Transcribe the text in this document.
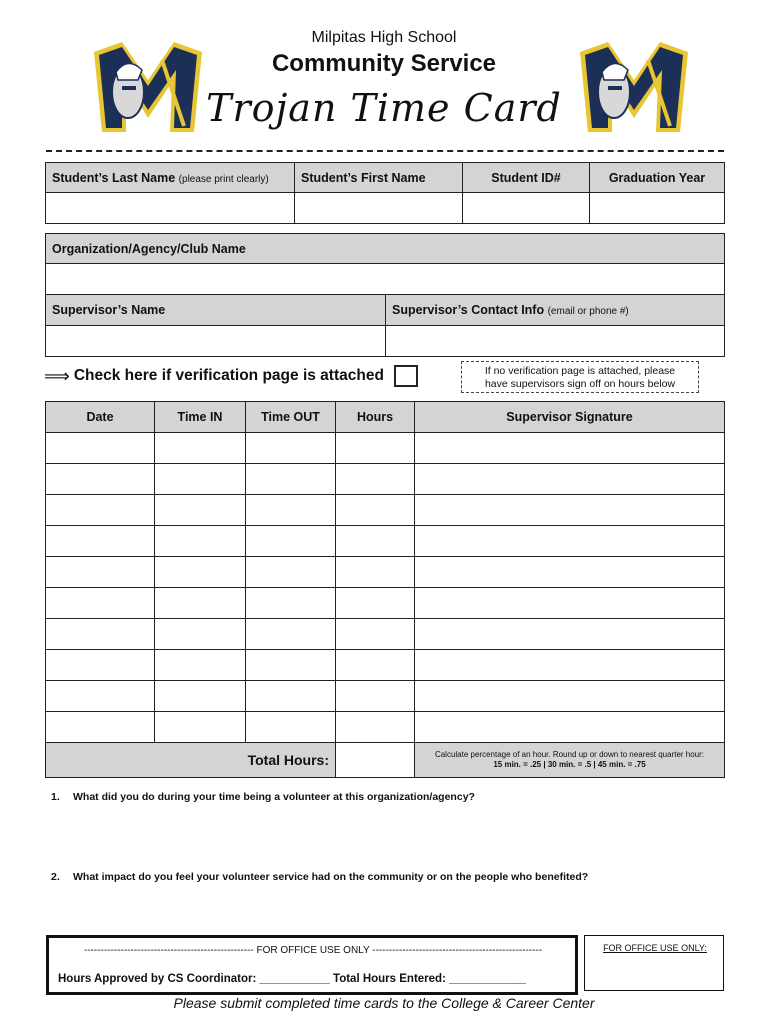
Milpitas High School
Community Service
Trojan Time Card
Student’s Last Name (please print clearly)	Student’s First Name	Student ID#	Graduation Year

Organization/Agency/Club Name	

Supervisor’s Name	Supervisor’s Contact Info (email or phone #)

⟹ Check here if verification page is attached	If no verification page is attached, please
have supervisors sign off on hours below
Date	Time IN	Time OUT	Hours	Supervisor Signature

Total Hours:				Calculate percentage of an hour. Round up or down to nearest quarter hour:
15 min. = .25 | 30 min. = .5 | 45 min. = .75
1. What did you do during your time being a volunteer at this organization/agency?
2. What impact do you feel your volunteer service had on the community or on the people who benefited?
--------------------------------------------------- FOR OFFICE USE ONLY ---------------------------------------------------
Hours Approved by CS Coordinator: ___________ Total Hours Entered: ____________
FOR OFFICE USE ONLY:
Please submit completed time cards to the College & Career Center
